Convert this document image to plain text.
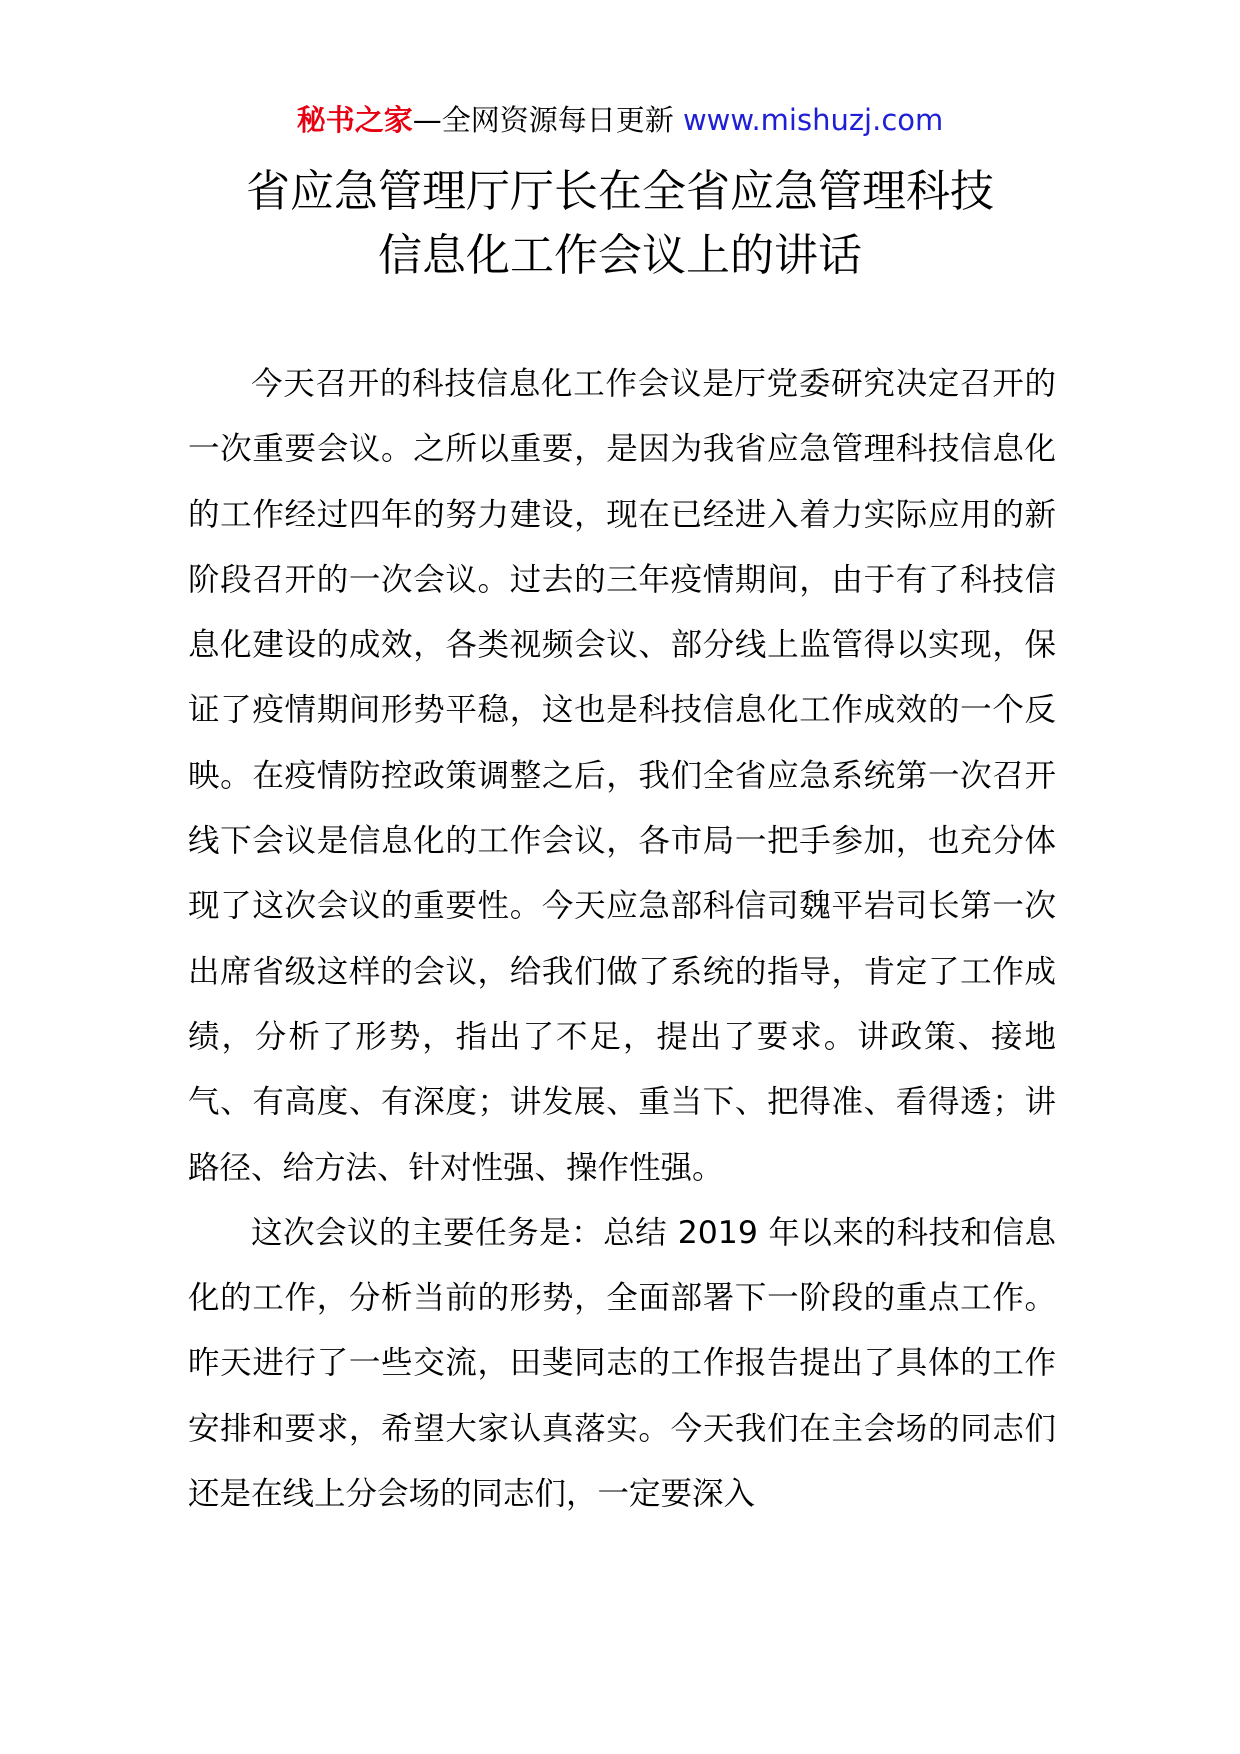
秘书之家—全网资源每日更新 www.mishuzj.com
省应急管理厅厅长在全省应急管理科技
信息化工作会议上的讲话

今天召开的科技信息化工作会议是厅党委研究决定召开的一次重要会议。之所以重要，是因为我省应急管理科技信息化的工作经过四年的努力建设，现在已经进入着力实际应用的新阶段召开的一次会议。过去的三年疫情期间，由于有了科技信息化建设的成效，各类视频会议、部分线上监管得以实现，保证了疫情期间形势平稳，这也是科技信息化工作成效的一个反映。在疫情防控政策调整之后，我们全省应急系统第一次召开线下会议是信息化的工作会议，各市局一把手参加，也充分体现了这次会议的重要性。今天应急部科信司魏平岩司长第一次出席省级这样的会议，给我们做了系统的指导，肯定了工作成绩，分析了形势，指出了不足，提出了要求。讲政策、接地气、有高度、有深度；讲发展、重当下、把得准、看得透；讲路径、给方法、针对性强、操作性强。

这次会议的主要任务是：总结 2019 年以来的科技和信息化的工作，分析当前的形势，全面部署下一阶段的重点工作。昨天进行了一些交流，田斐同志的工作报告提出了具体的工作安排和要求，希望大家认真落实。今天我们在主会场的同志们还是在线上分会场的同志们，一定要深入
